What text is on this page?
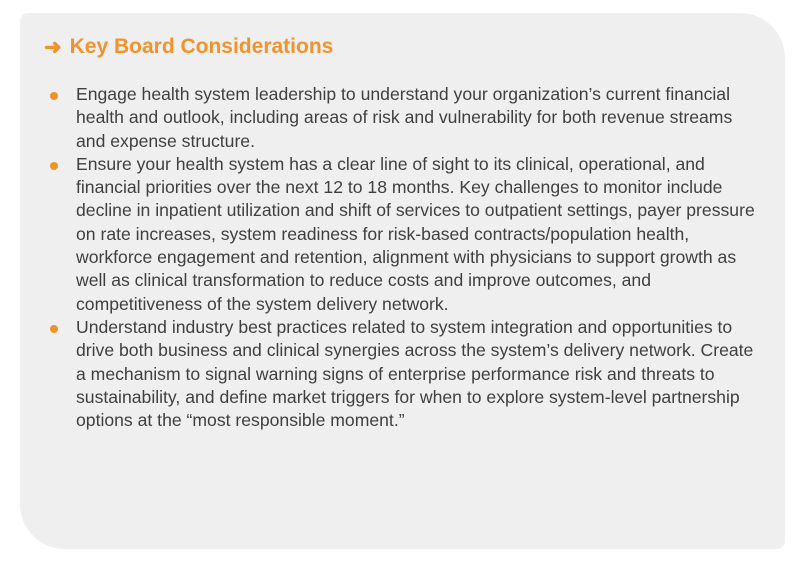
➜ Key Board Considerations
Engage health system leadership to understand your organization’s current financial health and outlook, including areas of risk and vulnerability for both revenue streams and expense structure.
Ensure your health system has a clear line of sight to its clinical, operational, and financial priorities over the next 12 to 18 months. Key challenges to monitor include decline in inpatient utilization and shift of services to outpatient settings, payer pressure on rate increases, system readiness for risk-based contracts/population health, workforce engagement and retention, alignment with physicians to support growth as well as clinical transformation to reduce costs and improve outcomes, and competitiveness of the system delivery network.
Understand industry best practices related to system integration and opportunities to drive both business and clinical synergies across the system’s delivery network. Create a mechanism to signal warning signs of enterprise performance risk and threats to sustainability, and define market triggers for when to explore system-level partnership options at the “most responsible moment.”
